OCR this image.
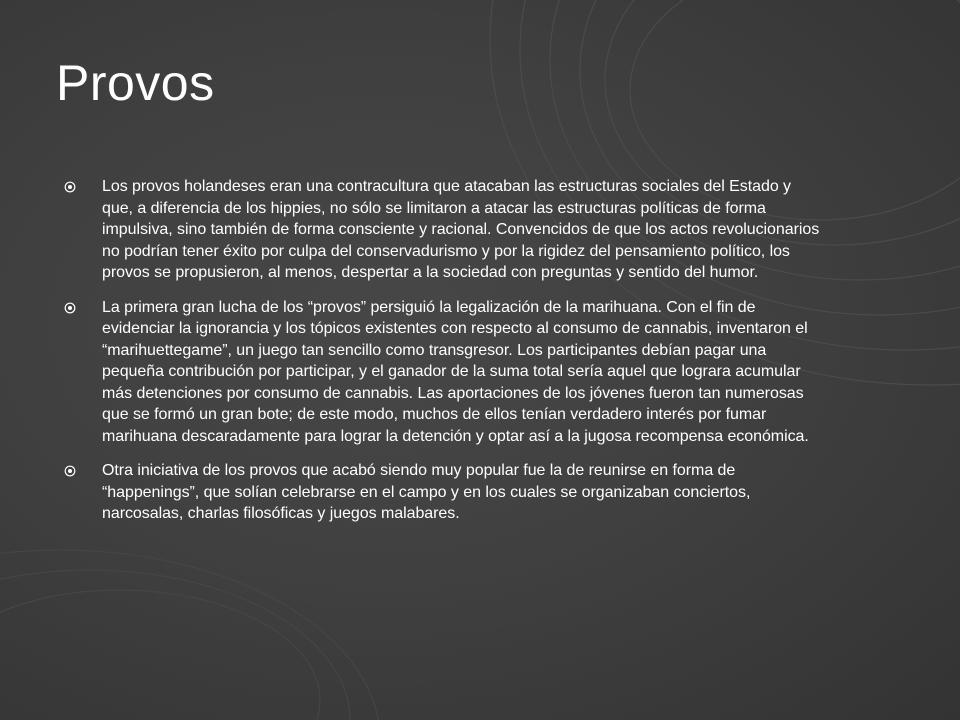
Provos
Los provos holandeses eran una contracultura que atacaban las estructuras sociales del Estado y que, a diferencia de los hippies, no sólo se limitaron a atacar las estructuras políticas de forma impulsiva, sino también de forma consciente y racional. Convencidos de que los actos revolucionarios no podrían tener éxito por culpa del conservadurismo y por la rigidez del pensamiento político, los provos se propusieron, al menos, despertar a la sociedad con preguntas y sentido del humor.
La primera gran lucha de los “provos” persiguió la legalización de la marihuana. Con el fin de evidenciar la ignorancia y los tópicos existentes con respecto al consumo de cannabis, inventaron el “marihuettegame”, un juego tan sencillo como transgresor. Los participantes debían pagar una pequeña contribución por participar, y el ganador de la suma total sería aquel que lograra acumular más detenciones por consumo de cannabis. Las aportaciones de los jóvenes fueron tan numerosas que se formó un gran bote; de este modo, muchos de ellos tenían verdadero interés por fumar marihuana descaradamente para lograr la detención y optar así a la jugosa recompensa económica.
Otra iniciativa de los provos que acabó siendo muy popular fue la de reunirse en forma de “happenings”, que solían celebrarse en el campo y en los cuales se organizaban conciertos, narcosalas, charlas filosóficas y juegos malabares.
